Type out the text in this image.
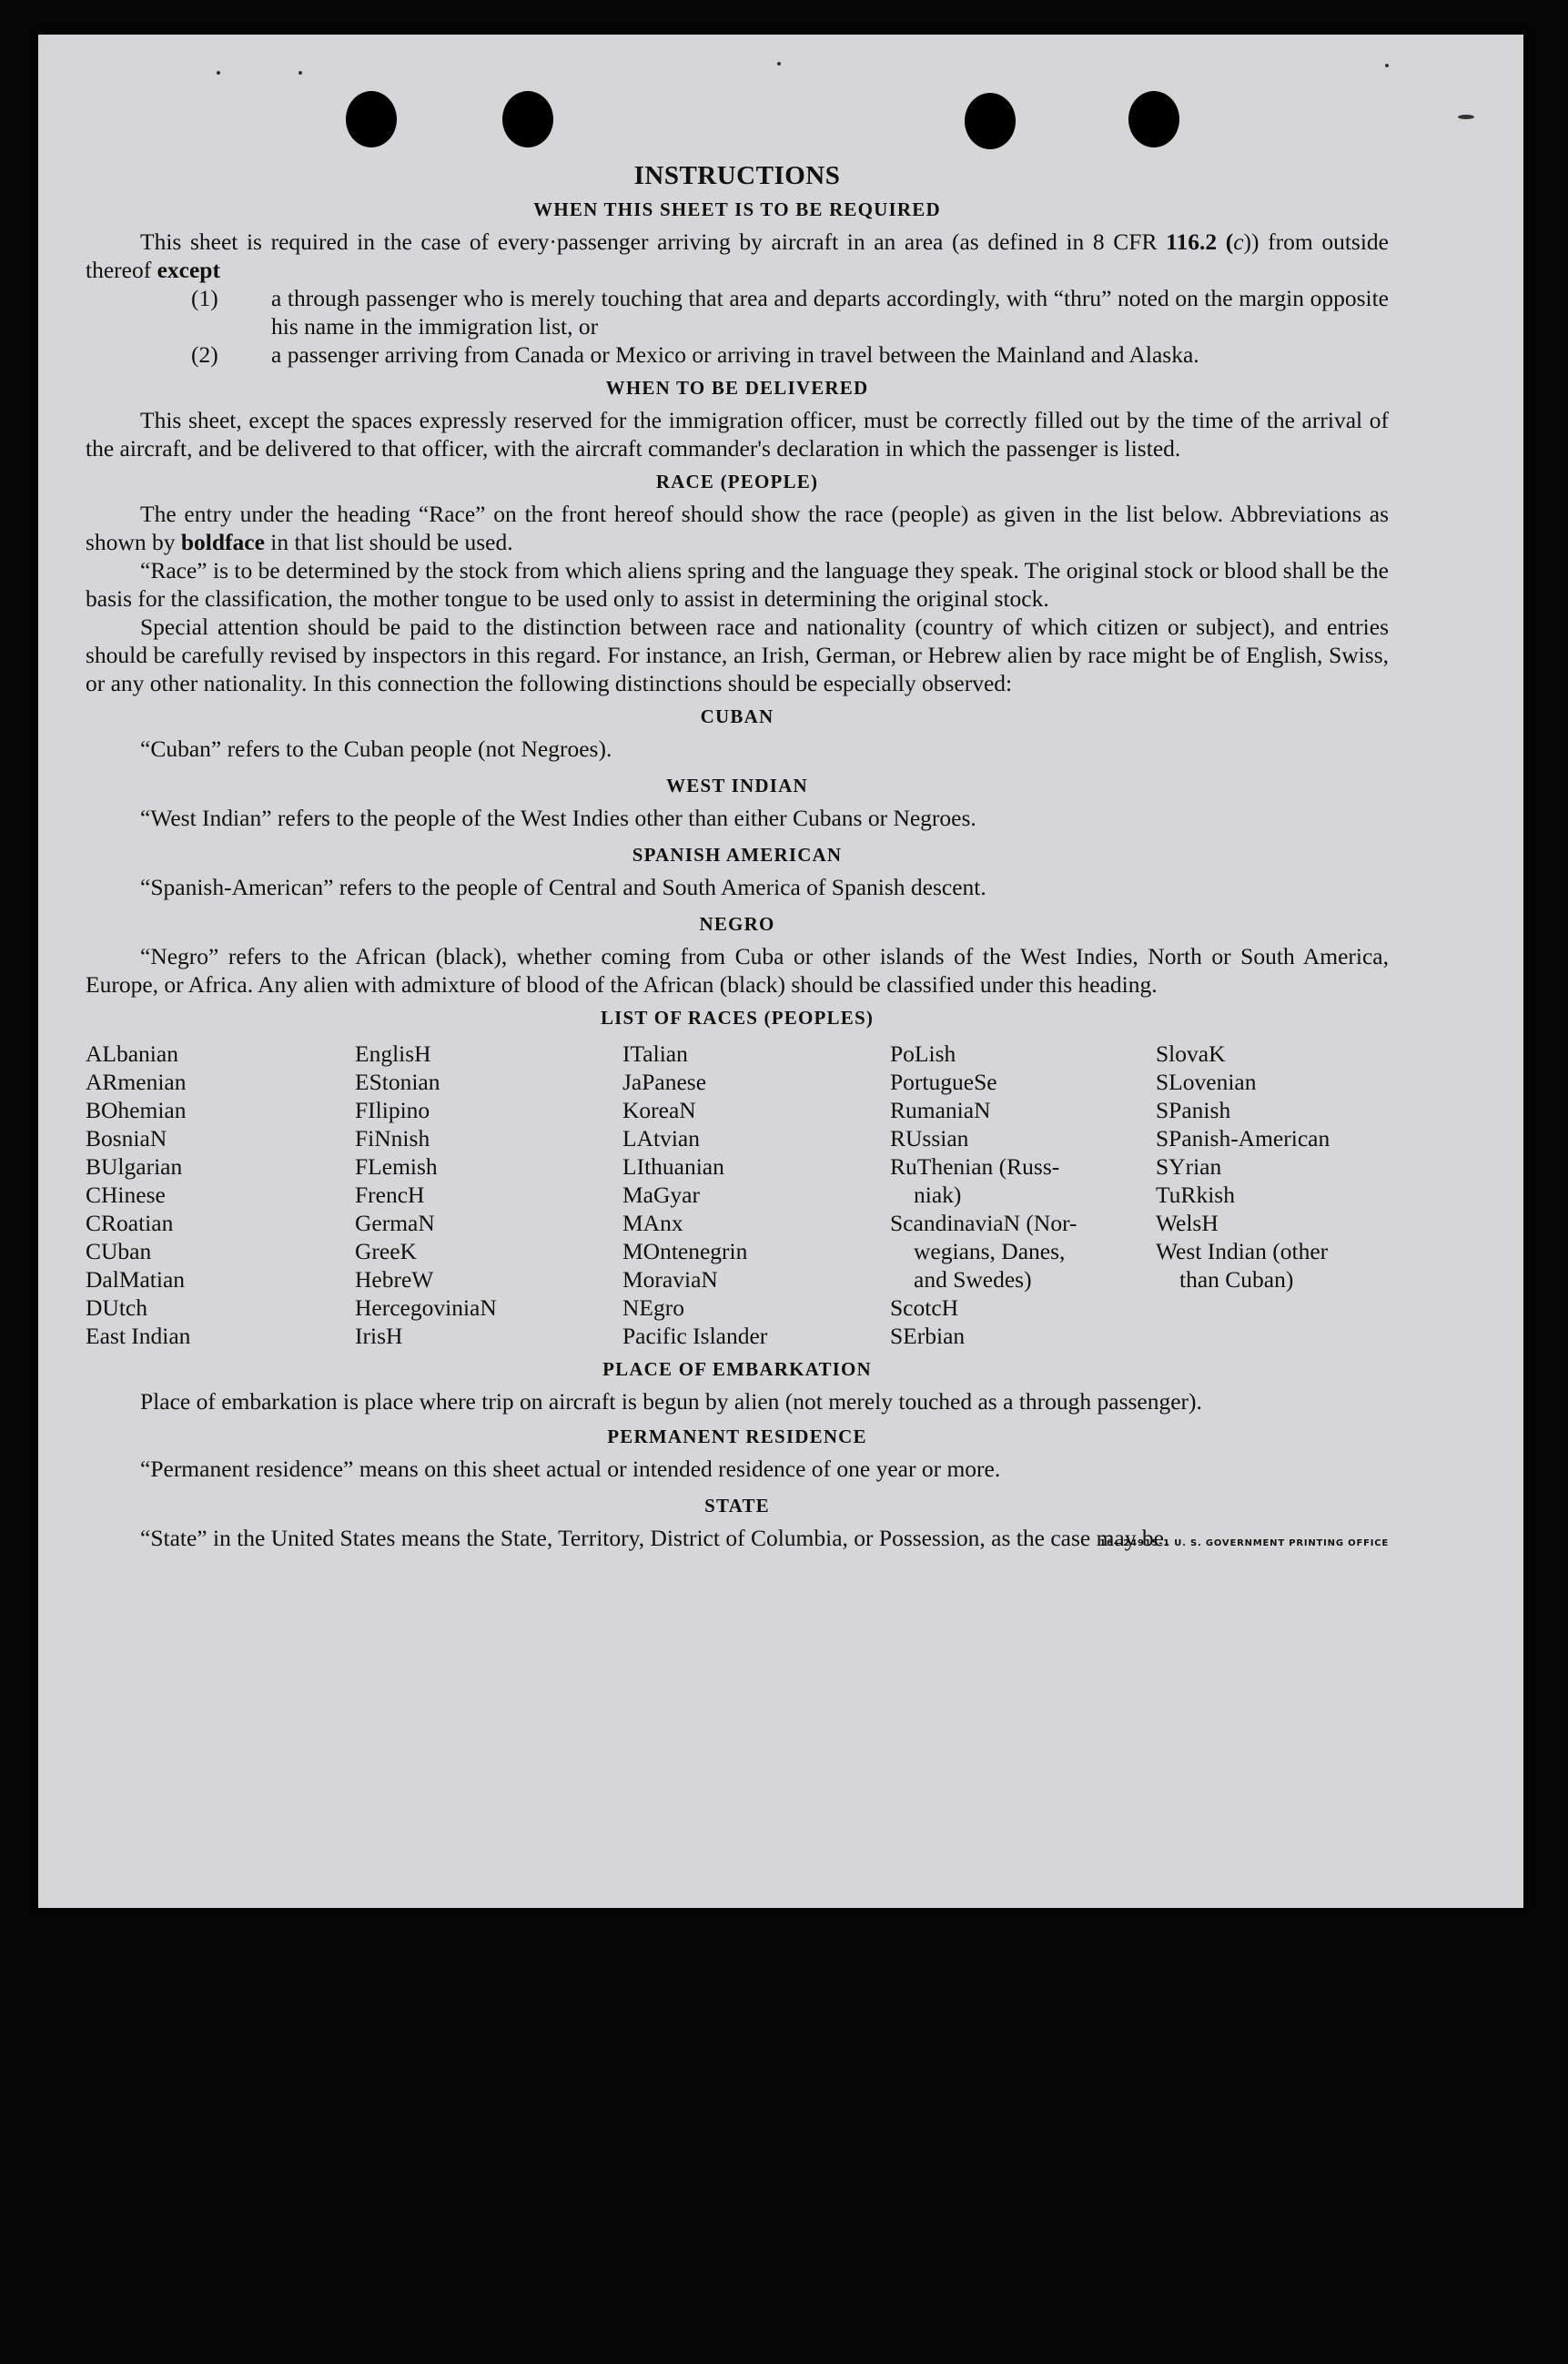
INSTRUCTIONS
WHEN THIS SHEET IS TO BE REQUIRED

This sheet is required in the case of every·passenger arriving by aircraft in an area (as defined in 8 CFR 116.2 (c)) from outside thereof except

(1) a through passenger who is merely touching that area and departs accordingly, with “thru” noted on the margin opposite his name in the immigration list, or
(2) a passenger arriving from Canada or Mexico or arriving in travel between the Mainland and Alaska.
WHEN TO BE DELIVERED

This sheet, except the spaces expressly reserved for the immigration officer, must be correctly filled out by the time of the arrival of the aircraft, and be delivered to that officer, with the aircraft commander's declaration in which the passenger is listed.

RACE (PEOPLE)

The entry under the heading “Race” on the front hereof should show the race (people) as given in the list below. Abbreviations as shown by boldface in that list should be used.

“Race” is to be determined by the stock from which aliens spring and the language they speak. The original stock or blood shall be the basis for the classification, the mother tongue to be used only to assist in determining the original stock.

Special attention should be paid to the distinction between race and nationality (country of which citizen or subject), and entries should be carefully revised by inspectors in this regard. For instance, an Irish, German, or Hebrew alien by race might be of English, Swiss, or any other nationality. In this connection the following distinctions should be especially observed:

CUBAN

“Cuban” refers to the Cuban people (not Negroes).

WEST INDIAN

“West Indian” refers to the people of the West Indies other than either Cubans or Negroes.

SPANISH AMERICAN

“Spanish-American” refers to the people of Central and South America of Spanish descent.

NEGRO

“Negro” refers to the African (black), whether coming from Cuba or other islands of the West Indies, North or South America, Europe, or Africa. Any alien with admixture of blood of the African (black) should be classified under this heading.

LIST OF RACES (PEOPLES)
ALbanian
ARmenian
BOhemian
BosniaN
BUlgarian
CHinese
CRoatian
CUban
DalMatian
DUtch
East Indian
EnglisH
EStonian
FIlipino
FiNnish
FLemish
FrencH
GermaN
GreeK
HebreW
HercegoviniaN
IrisH
ITalian
JaPanese
KoreaN
LAtvian
LIthuanian
MaGyar
MAnx
MOntenegrin
MoraviaN
NEgro
Pacific Islander
PoLish
PortugueSe
RumaniaN
RUssian
RuThenian (Russ-
niak)
ScandinaviaN (Nor-
wegians, Danes,
and Swedes)
ScotcH
SErbian
SlovaK
SLovenian
SPanish
SPanish-American
SYrian
TuRkish
WelsH
West Indian (other
than Cuban)
PLACE OF EMBARKATION

Place of embarkation is place where trip on aircraft is begun by alien (not merely touched as a through passenger).

PERMANENT RESIDENCE

“Permanent residence” means on this sheet actual or intended residence of one year or more.

STATE

“State” in the United States means the State, Territory, District of Columbia, or Possession, as the case may be.

16—24915-1 U. S. GOVERNMENT PRINTING OFFICE
